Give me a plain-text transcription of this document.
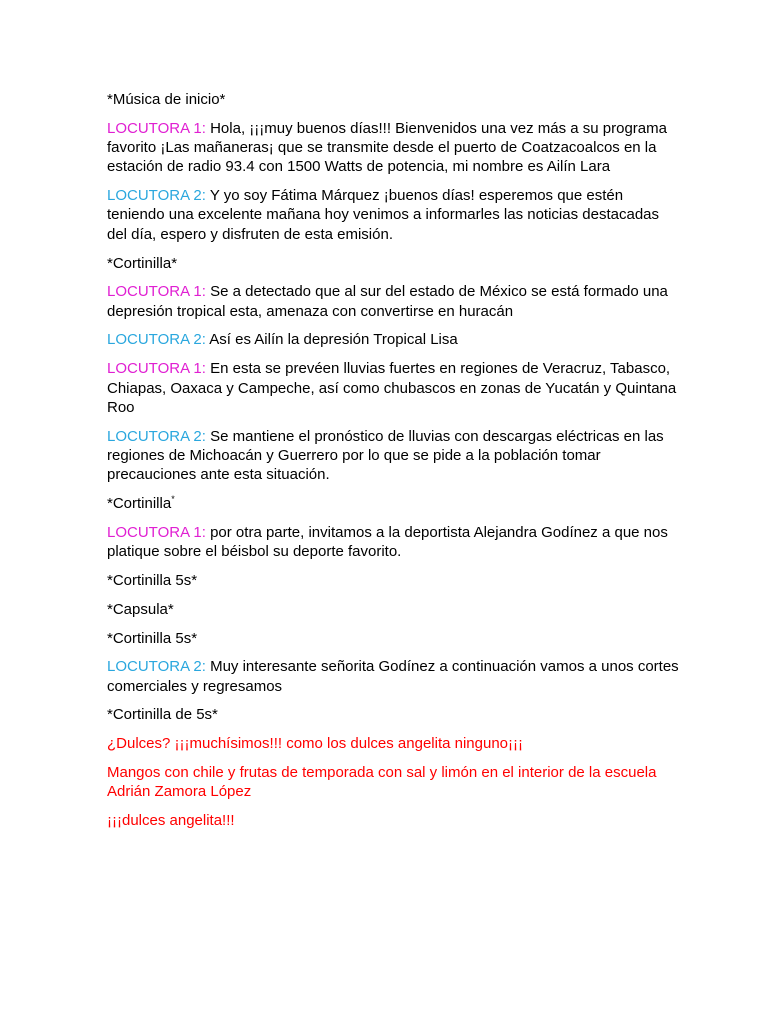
*Música de inicio*

LOCUTORA 1: Hola, ¡¡¡muy buenos días!!! Bienvenidos una vez más a su programa favorito ¡Las mañaneras¡ que se transmite desde el puerto de Coatzacoalcos en la estación de radio 93.4 con 1500 Watts de potencia, mi nombre es Ailín Lara

LOCUTORA 2: Y yo soy Fátima Márquez ¡buenos días! esperemos que estén teniendo una excelente mañana hoy venimos a informarles las noticias destacadas del día, espero y disfruten de esta emisión.

*Cortinilla*

LOCUTORA 1: Se a detectado que al sur del estado de México se está formado una depresión tropical esta, amenaza con convertirse en huracán

LOCUTORA 2: Así es Ailín la depresión Tropical Lisa

LOCUTORA 1: En esta se prevéen lluvias fuertes en regiones de Veracruz, Tabasco, Chiapas, Oaxaca y Campeche, así como chubascos en zonas de Yucatán y Quintana Roo

LOCUTORA 2: Se mantiene el pronóstico de lluvias con descargas eléctricas en las regiones de Michoacán y Guerrero por lo que se pide a la población tomar precauciones ante esta situación.

*Cortinilla*

LOCUTORA 1: por otra parte, invitamos a la deportista Alejandra Godínez a que nos platique sobre el béisbol su deporte favorito.

*Cortinilla 5s*

*Capsula*

*Cortinilla 5s*

LOCUTORA 2: Muy interesante señorita Godínez a continuación vamos a unos cortes comerciales y regresamos

*Cortinilla de 5s*

¿Dulces? ¡¡¡muchísimos!!! como los dulces angelita ninguno¡¡¡

Mangos con chile y frutas de temporada con sal y limón en el interior de la escuela Adrián Zamora López

¡¡¡dulces angelita!!!
